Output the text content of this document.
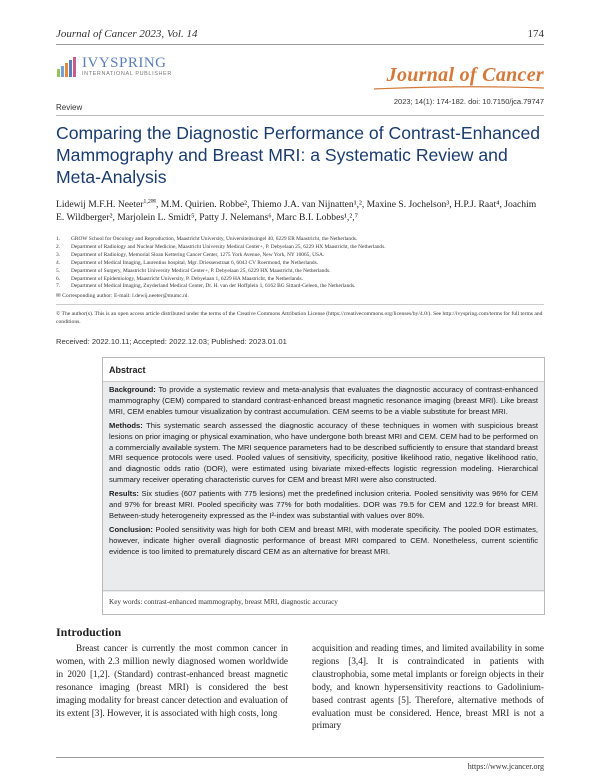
Journal of Cancer 2023, Vol. 14	174
IVYSPRING
INTERNATIONAL PUBLISHER	Journal of Cancer
2023; 14(1): 174-182. doi: 10.7150/jca.79747
Review
Comparing the Diagnostic Performance of Contrast-Enhanced Mammography and Breast MRI: a Systematic Review and Meta-Analysis
Lidewij M.F.H. Neeter$^{1,2✉}$, M.M. Quirien. Robbe², Thiemo J.A. van Nijnatten¹,², Maxine S. Jochelson³, H.P.J. Raat⁴, Joachim E. Wildberger², Marjolein L. Smidt⁵, Patty J. Nelemans⁶, Marc B.I. Lobbes¹,²,⁷
1.	GROW School for Oncology and Reproduction, Maastricht University, Universiteitssingel 40, 6229 ER Maastricht, the Netherlands.
2.	Department of Radiology and Nuclear Medicine, Maastricht University Medical Center+, P. Debyelaan 25, 6229 HX Maastricht, the Netherlands.
3.	Department of Radiology, Memorial Sloan Kettering Cancer Center, 1275 York Avenue, New York, NY 10065, USA.
4.	Department of Medical Imaging, Laurentius hospital, Mgr. Driessenstraat 6, 6043 CV Roermond, the Netherlands.
5.	Department of Surgery, Maastricht University Medical Center+, P. Debyelaan 25, 6229 HX Maastricht, the Netherlands.
6.	Department of Epidemiology, Maastricht University, P. Debyelaan 1, 6229 HA Maastricht, the Netherlands.
7.	Department of Medical Imaging, Zuyderland Medical Center, Dr. H. van der Hoffplein 1, 6162 BG Sittard-Geleen, the Netherlands.
✉ Corresponding author: E-mail: l.dewij.neeter@mumc.nl.
© The author(s). This is an open access article distributed under the terms of the Creative Commons Attribution License (https://creativecommons.org/licenses/by/4.0/). See http://ivyspring.com/terms for full terms and conditions.
Received: 2022.10.11; Accepted: 2022.12.03; Published: 2023.01.01
Abstract

Background: To provide a systematic review and meta-analysis that evaluates the diagnostic accuracy of contrast-enhanced mammography (CEM) compared to standard contrast-enhanced breast magnetic resonance imaging (breast MRI). Like breast MRI, CEM enables tumour visualization by contrast accumulation. CEM seems to be a viable substitute for breast MRI.

Methods: This systematic search assessed the diagnostic accuracy of these techniques in women with suspicious breast lesions on prior imaging or physical examination, who have undergone both breast MRI and CEM. CEM had to be performed on a commercially available system. The MRI sequence parameters had to be described sufficiently to ensure that standard breast MRI sequence protocols were used. Pooled values of sensitivity, specificity, positive likelihood ratio, negative likelihood ratio, and diagnostic odds ratio (DOR), were estimated using bivariate mixed-effects logistic regression modeling. Hierarchical summary receiver operating characteristic curves for CEM and breast MRI were also constructed.

Results: Six studies (607 patients with 775 lesions) met the predefined inclusion criteria. Pooled sensitivity was 96% for CEM and 97% for breast MRI. Pooled specificity was 77% for both modalities. DOR was 79.5 for CEM and 122.9 for breast MRI. Between-study heterogeneity expressed as the I²-index was substantial with values over 80%.

Conclusion: Pooled sensitivity was high for both CEM and breast MRI, with moderate specificity. The pooled DOR estimates, however, indicate higher overall diagnostic performance of breast MRI compared to CEM. Nonetheless, current scientific evidence is too limited to prematurely discard CEM as an alternative for breast MRI.

Key words: contrast-enhanced mammography, breast MRI, diagnostic accuracy
Introduction

Breast cancer is currently the most common cancer in women, with 2.3 million newly diagnosed women worldwide in 2020 [1,2]. (Standard) contrast-enhanced breast magnetic resonance imaging (breast MRI) is considered the best imaging modality for breast cancer detection and evaluation of its extent [3]. However, it is associated with high costs, long

acquisition and reading times, and limited availability in some regions [3,4]. It is contraindicated in patients with claustrophobia, some metal implants or foreign objects in their body, and known hypersensitivity reactions to Gadolinium-based contrast agents [5]. Therefore, alternative methods of evaluation must be considered. Hence, breast MRI is not a primary

https://www.jcancer.org
